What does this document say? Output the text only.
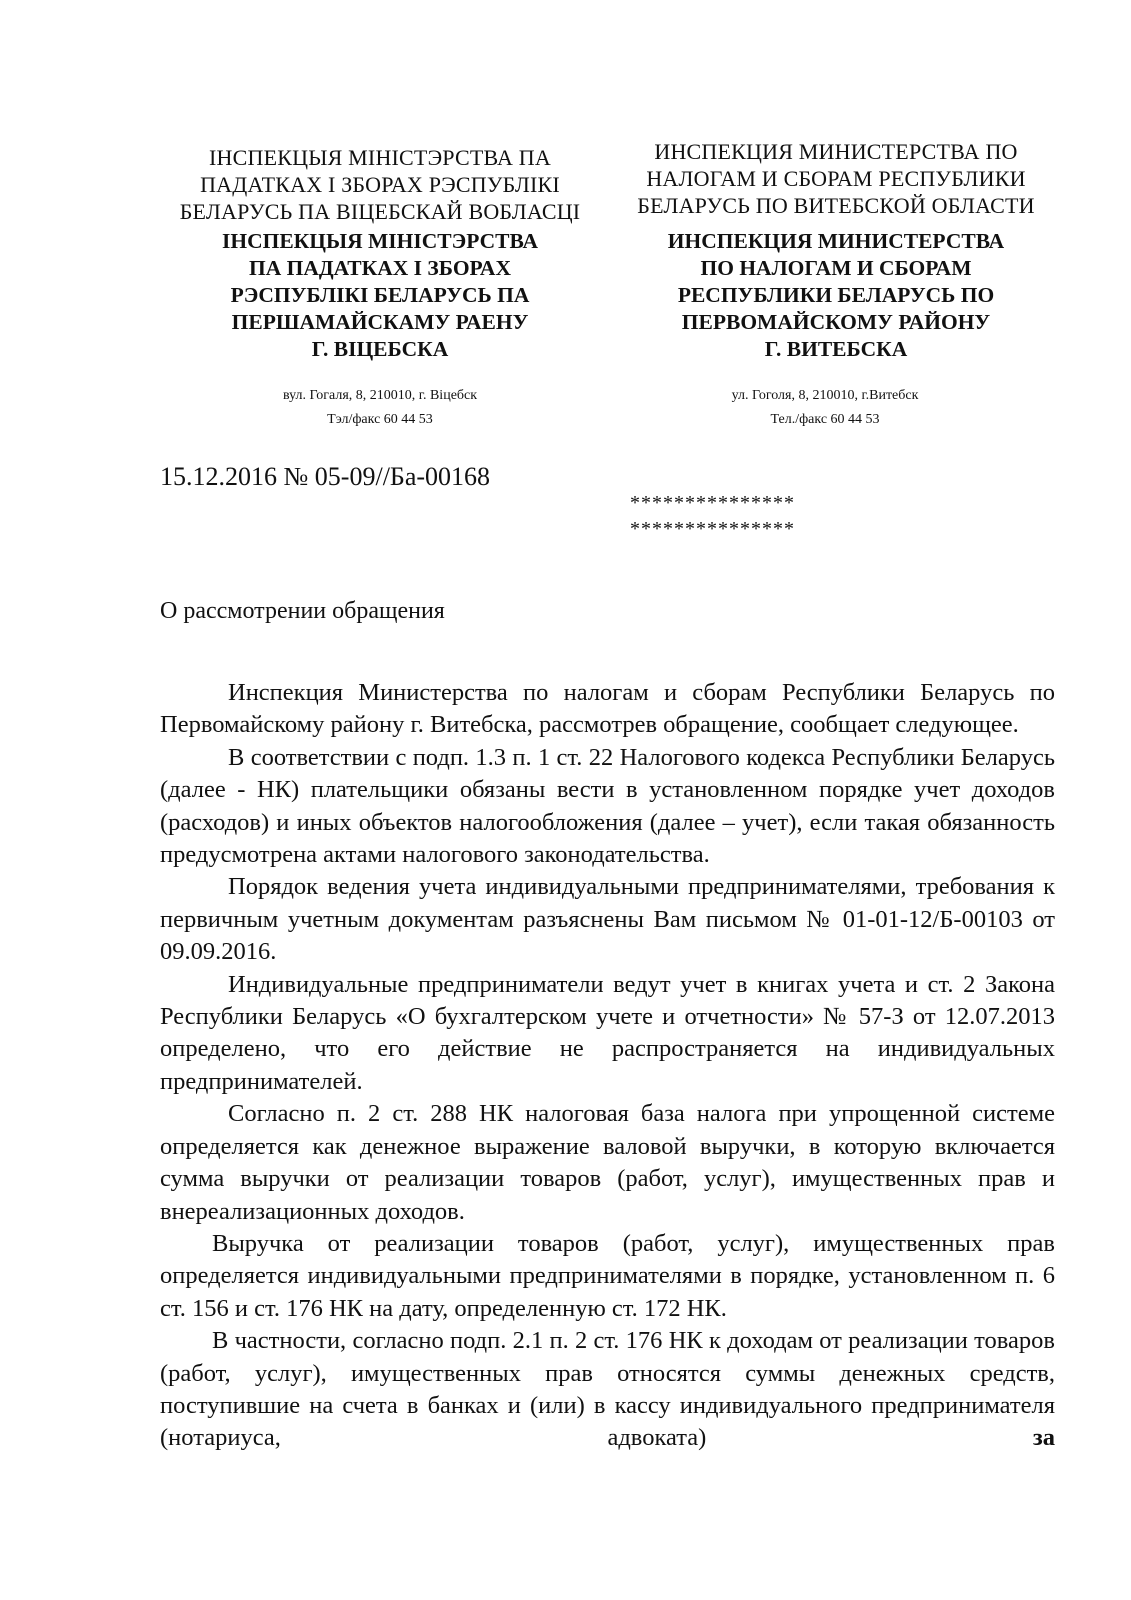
ІНСПЕКЦЫЯ МІНІСТЭРСТВА ПА
ПАДАТКАХ І ЗБОРАХ РЭСПУБЛІКІ
БЕЛАРУСЬ ПА ВІЦЕБСКАЙ ВОБЛАСЦІ
ІНСПЕКЦЫЯ МІНІСТЭРСТВА
ПА ПАДАТКАХ І ЗБОРАХ
РЭСПУБЛІКІ БЕЛАРУСЬ ПА
ПЕРШАМАЙСКАМУ РАЕНУ
Г. ВІЦЕБСКА
ИНСПЕКЦИЯ МИНИСТЕРСТВА ПО
НАЛОГАМ И СБОРАМ РЕСПУБЛИКИ
БЕЛАРУСЬ ПО ВИТЕБСКОЙ ОБЛАСТИ
ИНСПЕКЦИЯ МИНИСТЕРСТВА
ПО НАЛОГАМ И СБОРАМ
РЕСПУБЛИКИ БЕЛАРУСЬ ПО
ПЕРВОМАЙСКОМУ РАЙОНУ
Г. ВИТЕБСКА
вул. Гогаля, 8, 210010, г. Віцебск
Тэл/факс 60 44 53
ул. Гоголя, 8, 210010, г.Витебск
Тел./факс 60 44 53
15.12.2016 № 05-09//Ба-00168
***************
***************
О рассмотрении обращения

Инспекция Министерства по налогам и сборам Республики Беларусь по Первомайскому району г. Витебска, рассмотрев обращение, сообщает следующее.

В соответствии с подп. 1.3 п. 1 ст. 22 Налогового кодекса Республики Беларусь (далее - НК) плательщики обязаны вести в установленном порядке учет доходов (расходов) и иных объектов налогообложения (далее – учет), если такая обязанность предусмотрена актами налогового законодательства.

Порядок ведения учета индивидуальными предпринимателями, требования к первичным учетным документам разъяснены Вам письмом № 01-01-12/Б-00103 от 09.09.2016.

Индивидуальные предприниматели ведут учет в книгах учета и ст. 2 Закона Республики Беларусь «О бухгалтерском учете и отчетности» № 57-З от 12.07.2013 определено, что его действие не распространяется на индивидуальных предпринимателей.

Согласно п. 2 ст. 288 НК налоговая база налога при упрощенной системе определяется как денежное выражение валовой выручки, в которую включается сумма выручки от реализации товаров (работ, услуг), имущественных прав и внереализационных доходов.

Выручка от реализации товаров (работ, услуг), имущественных прав определяется индивидуальными предпринимателями в порядке, установленном п. 6 ст. 156 и ст. 176 НК на дату, определенную ст. 172 НК.

В частности, согласно подп. 2.1 п. 2 ст. 176 НК к доходам от реализации товаров (работ, услуг), имущественных прав относятся суммы денежных средств, поступившие на счета в банках и (или) в кассу индивидуального предпринимателя (нотариуса, адвоката)	за
